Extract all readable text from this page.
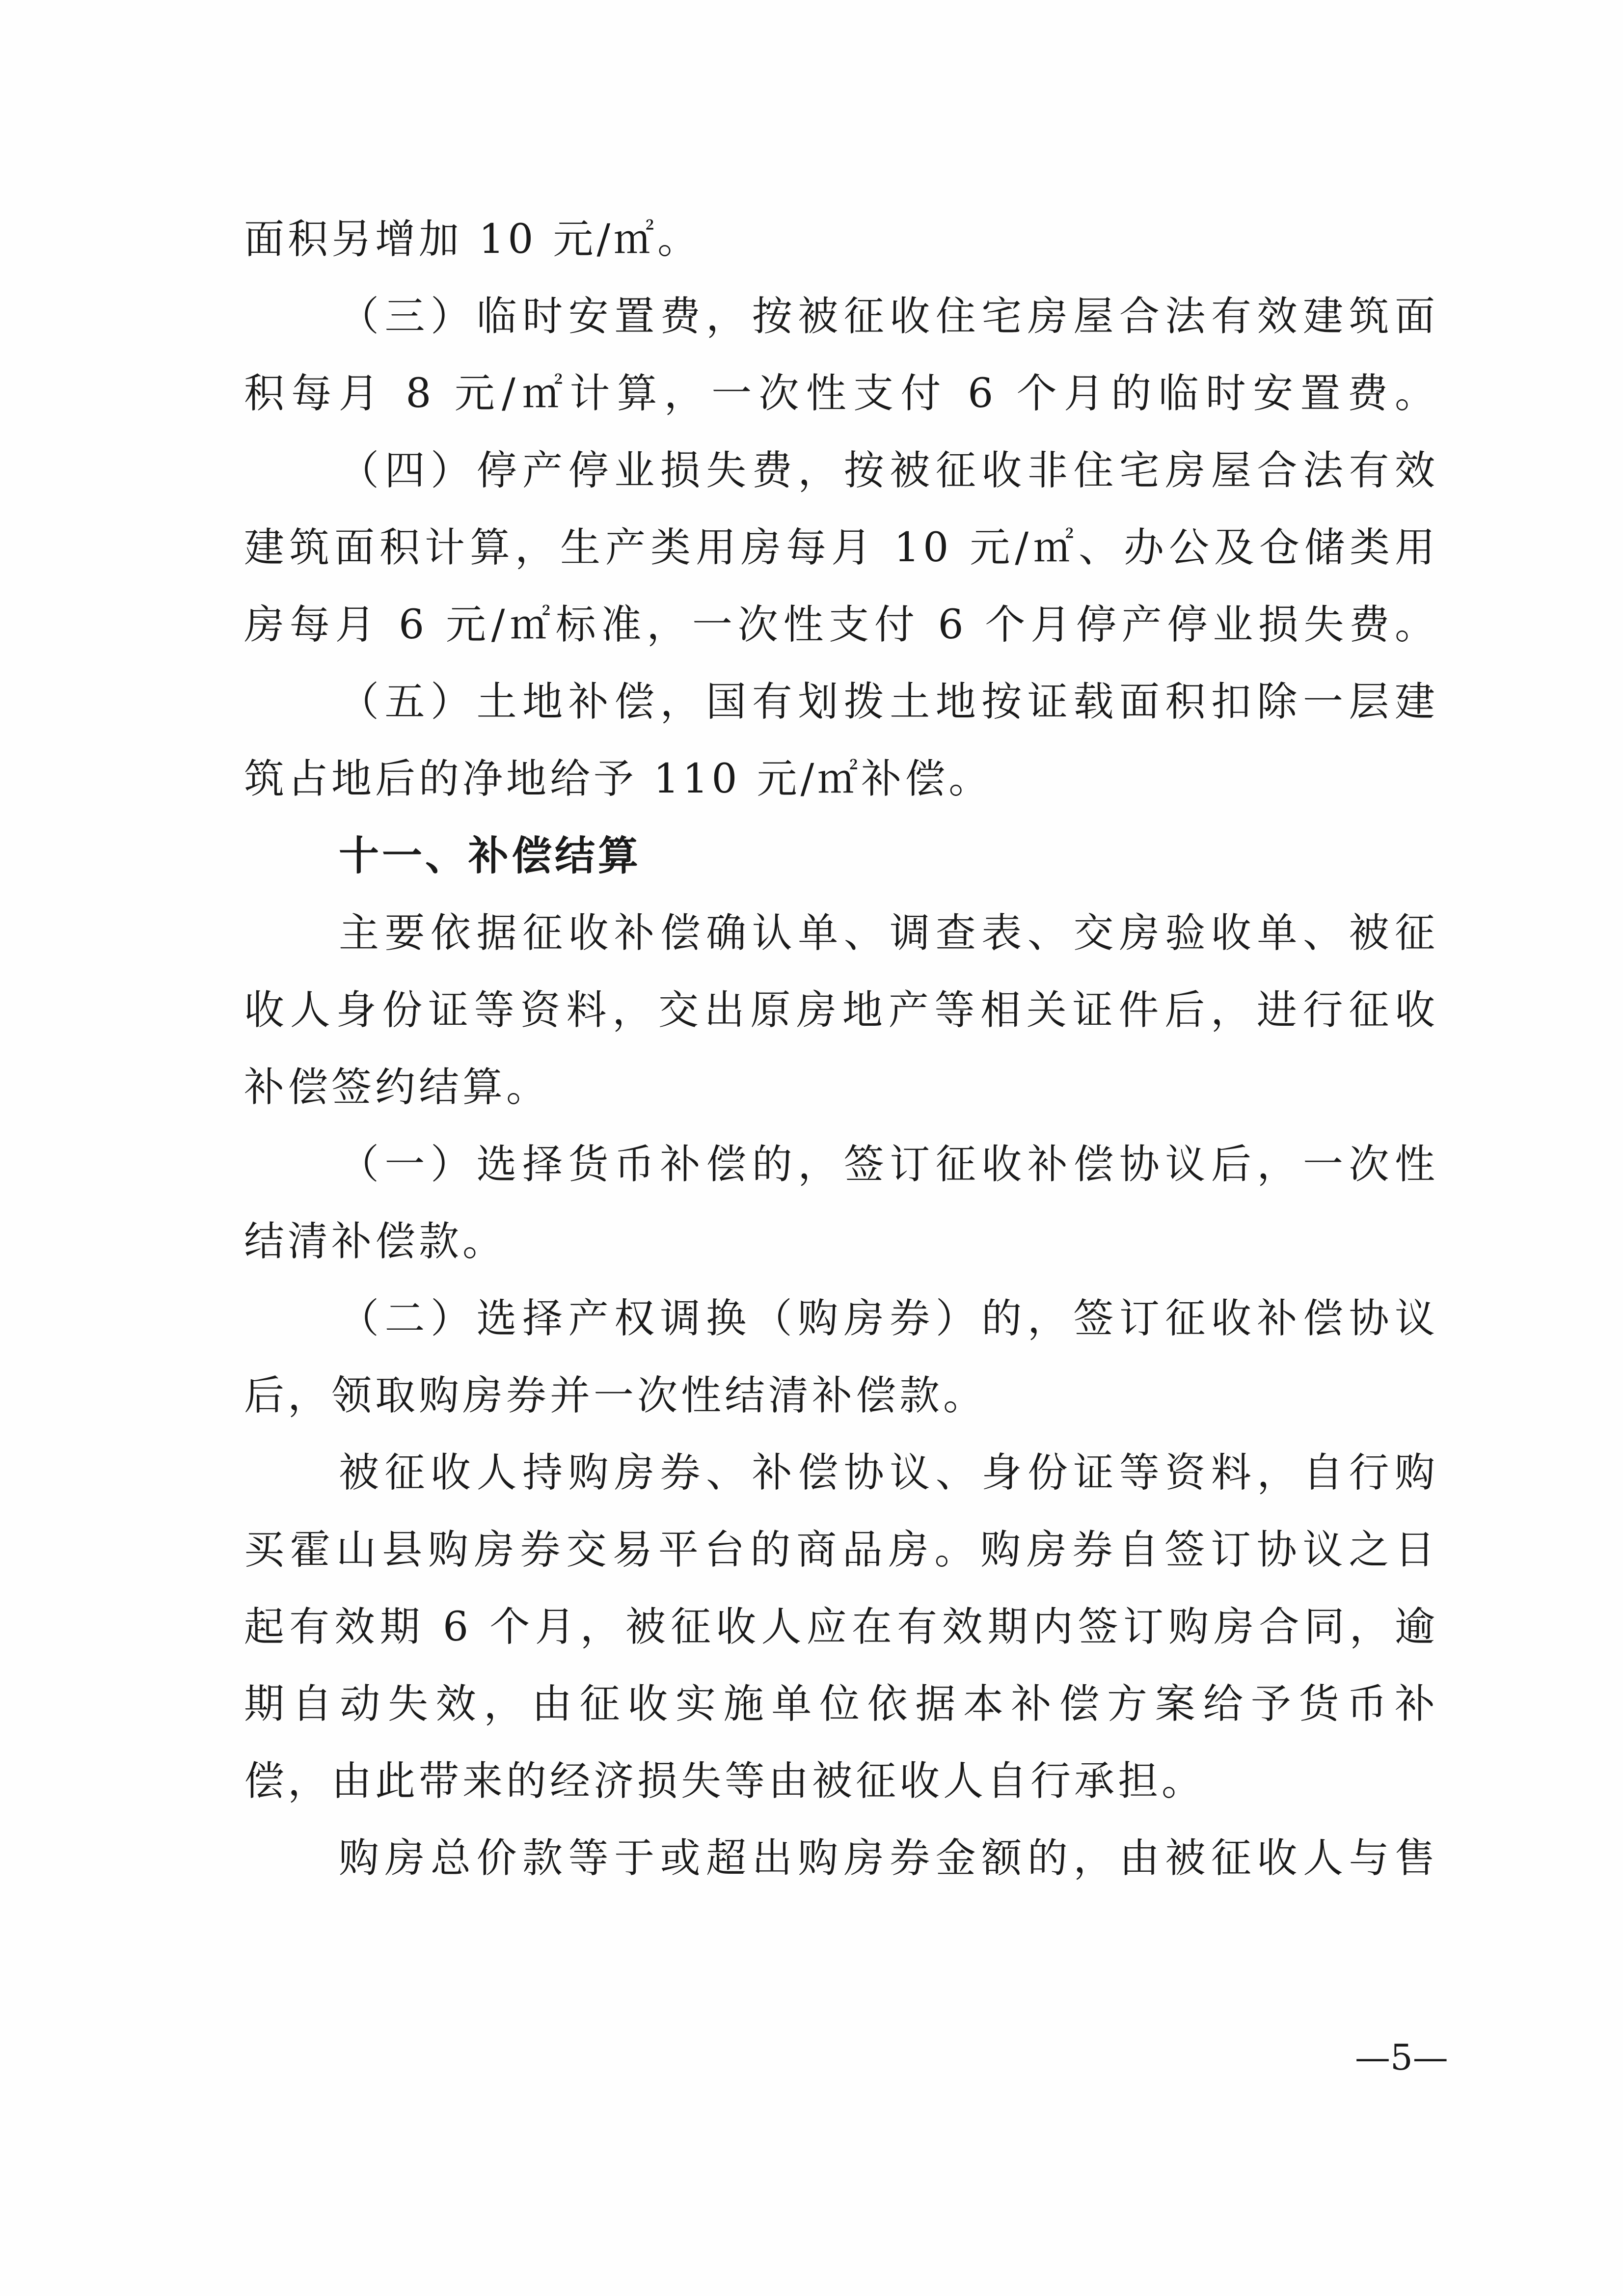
面积另增加 10 元/㎡。
（三）临时安置费，按被征收住宅房屋合法有效建筑面
积每月 8 元/㎡计算，一次性支付 6 个月的临时安置费。
（四）停产停业损失费，按被征收非住宅房屋合法有效
建筑面积计算，生产类用房每月 10 元/㎡、办公及仓储类用
房每月 6 元/㎡标准，一次性支付 6 个月停产停业损失费。
（五）土地补偿，国有划拨土地按证载面积扣除一层建
筑占地后的净地给予 110 元/㎡补偿。
十一、补偿结算
主要依据征收补偿确认单、调查表、交房验收单、被征
收人身份证等资料，交出原房地产等相关证件后，进行征收
补偿签约结算。
（一）选择货币补偿的，签订征收补偿协议后，一次性
结清补偿款。
（二）选择产权调换（购房券）的，签订征收补偿协议
后，领取购房券并一次性结清补偿款。
被征收人持购房券、补偿协议、身份证等资料，自行购
买霍山县购房券交易平台的商品房。购房券自签订协议之日
起有效期 6 个月，被征收人应在有效期内签订购房合同，逾
期自动失效，由征收实施单位依据本补偿方案给予货币补
偿，由此带来的经济损失等由被征收人自行承担。
购房总价款等于或超出购房券金额的，由被征收人与售
—5—
